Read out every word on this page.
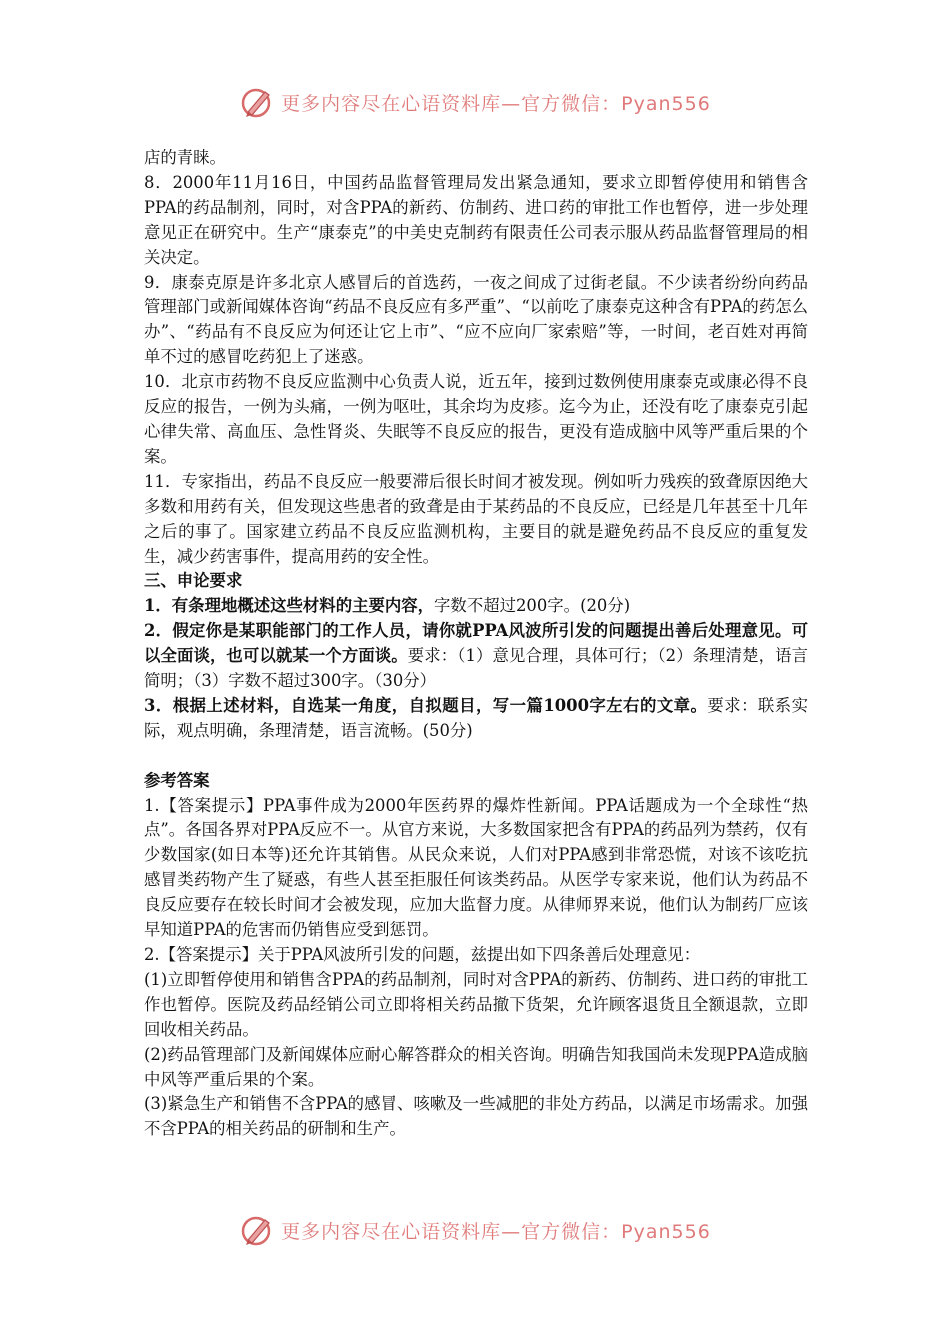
更多内容尽在心语资料库—官方微信：Pyan556

店的青睐。

8．2000年11月16日，中国药品监督管理局发出紧急通知，要求立即暂停使用和销售含PPA的药品制剂，同时，对含PPA的新药、仿制药、进口药的审批工作也暂停，进一步处理意见正在研究中。生产“康泰克”的中美史克制药有限责任公司表示服从药品监督管理局的相关决定。

9．康泰克原是许多北京人感冒后的首选药，一夜之间成了过街老鼠。不少读者纷纷向药品管理部门或新闻媒体咨询“药品不良反应有多严重”、“以前吃了康泰克这种含有PPA的药怎么办”、“药品有不良反应为何还让它上市”、“应不应向厂家索赔”等，一时间，老百姓对再简单不过的感冒吃药犯上了迷惑。

10．北京市药物不良反应监测中心负责人说，近五年，接到过数例使用康泰克或康必得不良反应的报告，一例为头痛，一例为呕吐，其余均为皮疹。迄今为止，还没有吃了康泰克引起心律失常、高血压、急性肾炎、失眠等不良反应的报告，更没有造成脑中风等严重后果的个案。

11．专家指出，药品不良反应一般要滞后很长时间才被发现。例如听力残疾的致聋原因绝大多数和用药有关，但发现这些患者的致聋是由于某药品的不良反应，已经是几年甚至十几年之后的事了。国家建立药品不良反应监测机构，主要目的就是避免药品不良反应的重复发生，减少药害事件，提高用药的安全性。

三、申论要求

1．有条理地概述这些材料的主要内容，字数不超过200字。(20分)

2．假定你是某职能部门的工作人员，请你就PPA风波所引发的问题提出善后处理意见。可以全面谈，也可以就某一个方面谈。要求：（1）意见合理，具体可行；（2）条理清楚，语言简明；（3）字数不超过300字。（30分）

3．根据上述材料，自选某一角度，自拟题目，写一篇1000字左右的文章。要求：联系实际，观点明确，条理清楚，语言流畅。(50分)

参考答案

1.【答案提示】PPA事件成为2000年医药界的爆炸性新闻。PPA话题成为一个全球性“热点”。各国各界对PPA反应不一。从官方来说，大多数国家把含有PPA的药品列为禁药，仅有少数国家(如日本等)还允许其销售。从民众来说，人们对PPA感到非常恐慌，对该不该吃抗感冒类药物产生了疑惑，有些人甚至拒服任何该类药品。从医学专家来说，他们认为药品不良反应要存在较长时间才会被发现，应加大监督力度。从律师界来说，他们认为制药厂应该早知道PPA的危害而仍销售应受到惩罚。

2.【答案提示】关于PPA风波所引发的问题，兹提出如下四条善后处理意见：

(1)立即暂停使用和销售含PPA的药品制剂，同时对含PPA的新药、仿制药、进口药的审批工作也暂停。医院及药品经销公司立即将相关药品撤下货架，允许顾客退货且全额退款，立即回收相关药品。

(2)药品管理部门及新闻媒体应耐心解答群众的相关咨询。明确告知我国尚未发现PPA造成脑中风等严重后果的个案。

(3)紧急生产和销售不含PPA的感冒、咳嗽及一些减肥的非处方药品，以满足市场需求。加强不含PPA的相关药品的研制和生产。

更多内容尽在心语资料库—官方微信：Pyan556
